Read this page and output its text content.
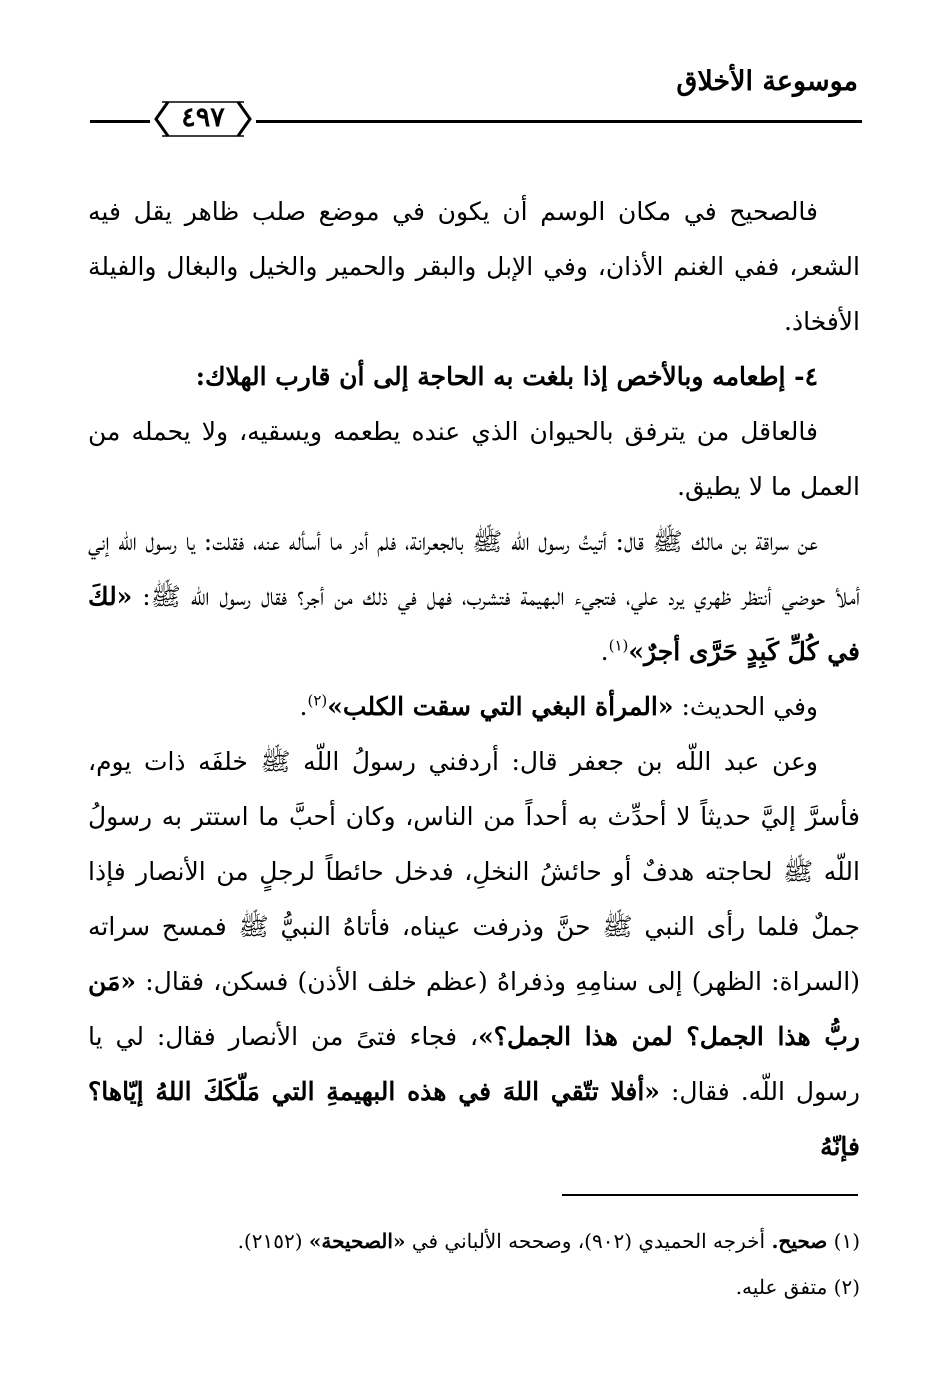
موسوعة الأخلاق
٤٩٧

فالصحيح في مكان الوسم أن يكون في موضع صلب ظاهر يقل فيه الشعر، ففي الغنم الأذان، وفي الإبل والبقر والحمير والخيل والبغال والفيلة الأفخاذ.

٤- إطعامه وبالأخص إذا بلغت به الحاجة إلى أن قارب الهلاك:

فالعاقل من يترفق بالحيوان الذي عنده يطعمه ويسقيه، ولا يحمله من العمل ما لا يطيق.

عن سراقة بن مالك ﷺ قال: أتيتُ رسول اللّه ﷺ بالجعرانة، فلم أدر ما أسأله عنه، فقلت: يا رسول اللّه إني أملأ حوضي أنتظر ظهري يرد علي، فتجيء البهيمة فتشرب، فهل في ذلك من أجر؟ فقال رسول اللّه ﷺ: «لكَ في كُلِّ كَبِدٍ حَرَّى أجرٌ»$^{(١)}$.

وفي الحديث: «المرأة البغي التي سقت الكلب»$^{(٢)}$.

وعن عبد اللّه بن جعفر قال: أردفني رسولُ اللّه ﷺ خلفَه ذات يوم، فأسرَّ إليَّ حديثاً لا أحدِّث به أحداً من الناس، وكان أحبَّ ما استتر به رسولُ اللّه ﷺ لحاجته هدفٌ أو حائشُ النخلِ، فدخل حائطاً لرجلٍ من الأنصار فإذا جملٌ فلما رأى النبي ﷺ حنَّ وذرفت عيناه، فأتاهُ النبيُّ ﷺ فمسح سراته (السراة: الظهر) إلى سنامِهِ وذفراهُ (عظم خلف الأذن) فسكن، فقال: «مَن ربُّ هذا الجمل؟ لمن هذا الجمل؟»، فجاء فتىً من الأنصار فقال: لي يا رسول اللّه. فقال: «أفلا تتّقي اللهَ في هذه البهيمةِ التي مَلّكَكَ اللهُ إيّاها؟ فإنّهُ

(١) صحيح. أخرجه الحميدي (٩٠٢)، وصححه الألباني في «الصحيحة» (٢١٥٢).

(٢) متفق عليه.
